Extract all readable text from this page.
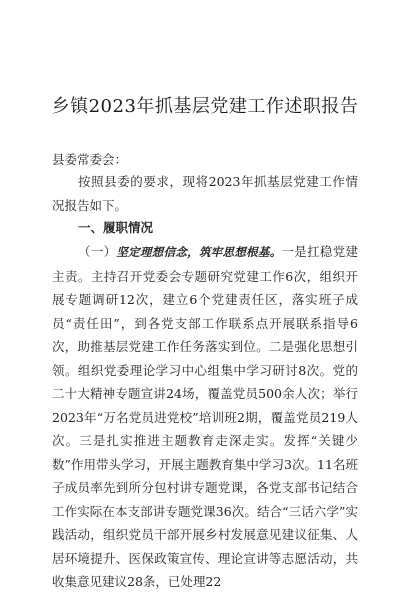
乡镇2023年抓基层党建工作述职报告
县委常委会：

按照县委的要求，现将2023年抓基层党建工作情况报告如下。

一、履职情况

（一）坚定理想信念，筑牢思想根基。一是扛稳党建主责。主持召开党委会专题研究党建工作6次，组织开展专题调研12次，建立6个党建责任区，落实班子成员“责任田”，到各党支部工作联系点开展联系指导6次，助推基层党建工作任务落实到位。二是强化思想引领。组织党委理论学习中心组集中学习研讨8次。党的二十大精神专题宣讲24场，覆盖党员500余人次；举行2023年“万名党员进党校”培训班2期，覆盖党员219人次。三是扎实推进主题教育走深走实。发挥“关键少数”作用带头学习，开展主题教育集中学习3次。11名班子成员率先到所分包村讲专题党课，各党支部书记结合工作实际在本支部讲专题党课36次。结合“三话六学”实践活动，组织党员干部开展乡村发展意见建议征集、人居环境提升、医保政策宣传、理论宣讲等志愿活动，共收集意见建议28条，已处理22
